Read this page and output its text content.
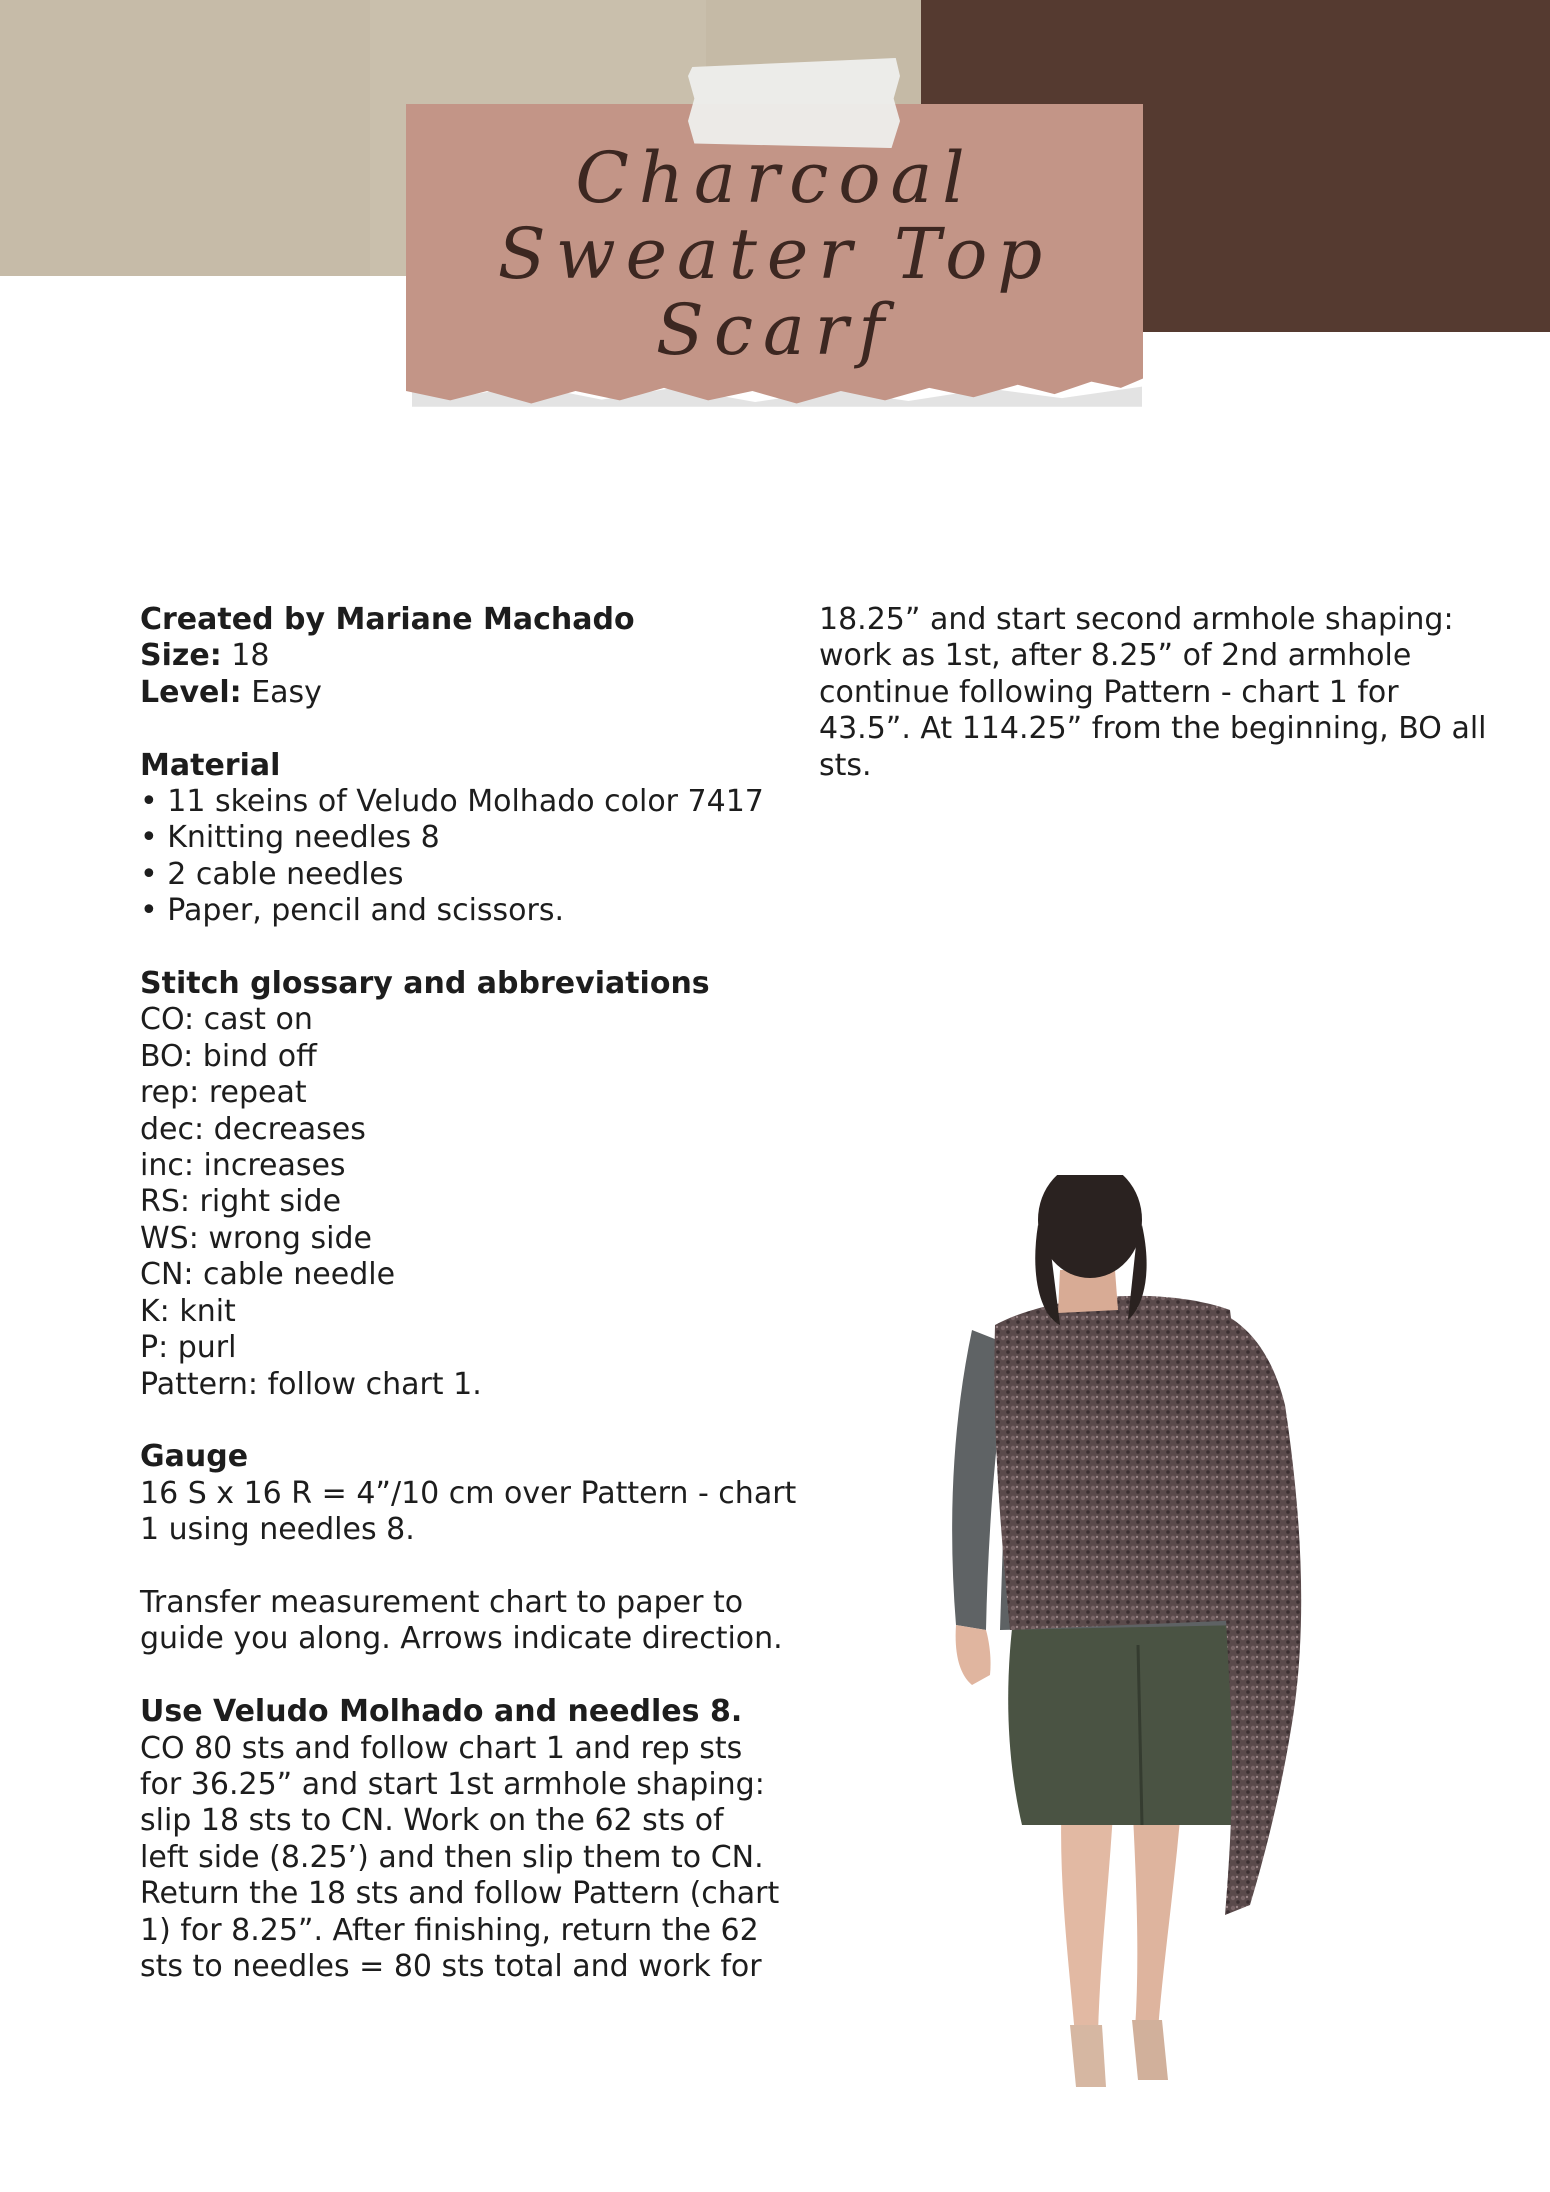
Charcoal
Sweater Top
Scarf
Created by Mariane Machado
Size: 18
Level: Easy
Material
• 11 skeins of Veludo Molhado color 7417
• Knitting needles 8
• 2 cable needles
• Paper, pencil and scissors.
Stitch glossary and abbreviations
CO: cast on
BO: bind off
rep: repeat
dec: decreases
inc: increases
RS: right side
WS: wrong side
CN: cable needle
K: knit
P: purl
Pattern: follow chart 1.
Gauge
16 S x 16 R = 4”/10 cm over Pattern - chart
1 using needles 8.
Transfer measurement chart to paper to
guide you along. Arrows indicate direction.
Use Veludo Molhado and needles 8.
CO 80 sts and follow chart 1 and rep sts
for 36.25” and start 1st armhole shaping:
slip 18 sts to CN. Work on the 62 sts of
left side (8.25’) and then slip them to CN.
Return the 18 sts and follow Pattern (chart
1) for 8.25”. After finishing, return the 62
sts to needles = 80 sts total and work for
18.25” and start second armhole shaping:
work as 1st, after 8.25” of 2nd armhole
continue following Pattern - chart 1 for
43.5”. At 114.25” from the beginning, BO all
sts.
